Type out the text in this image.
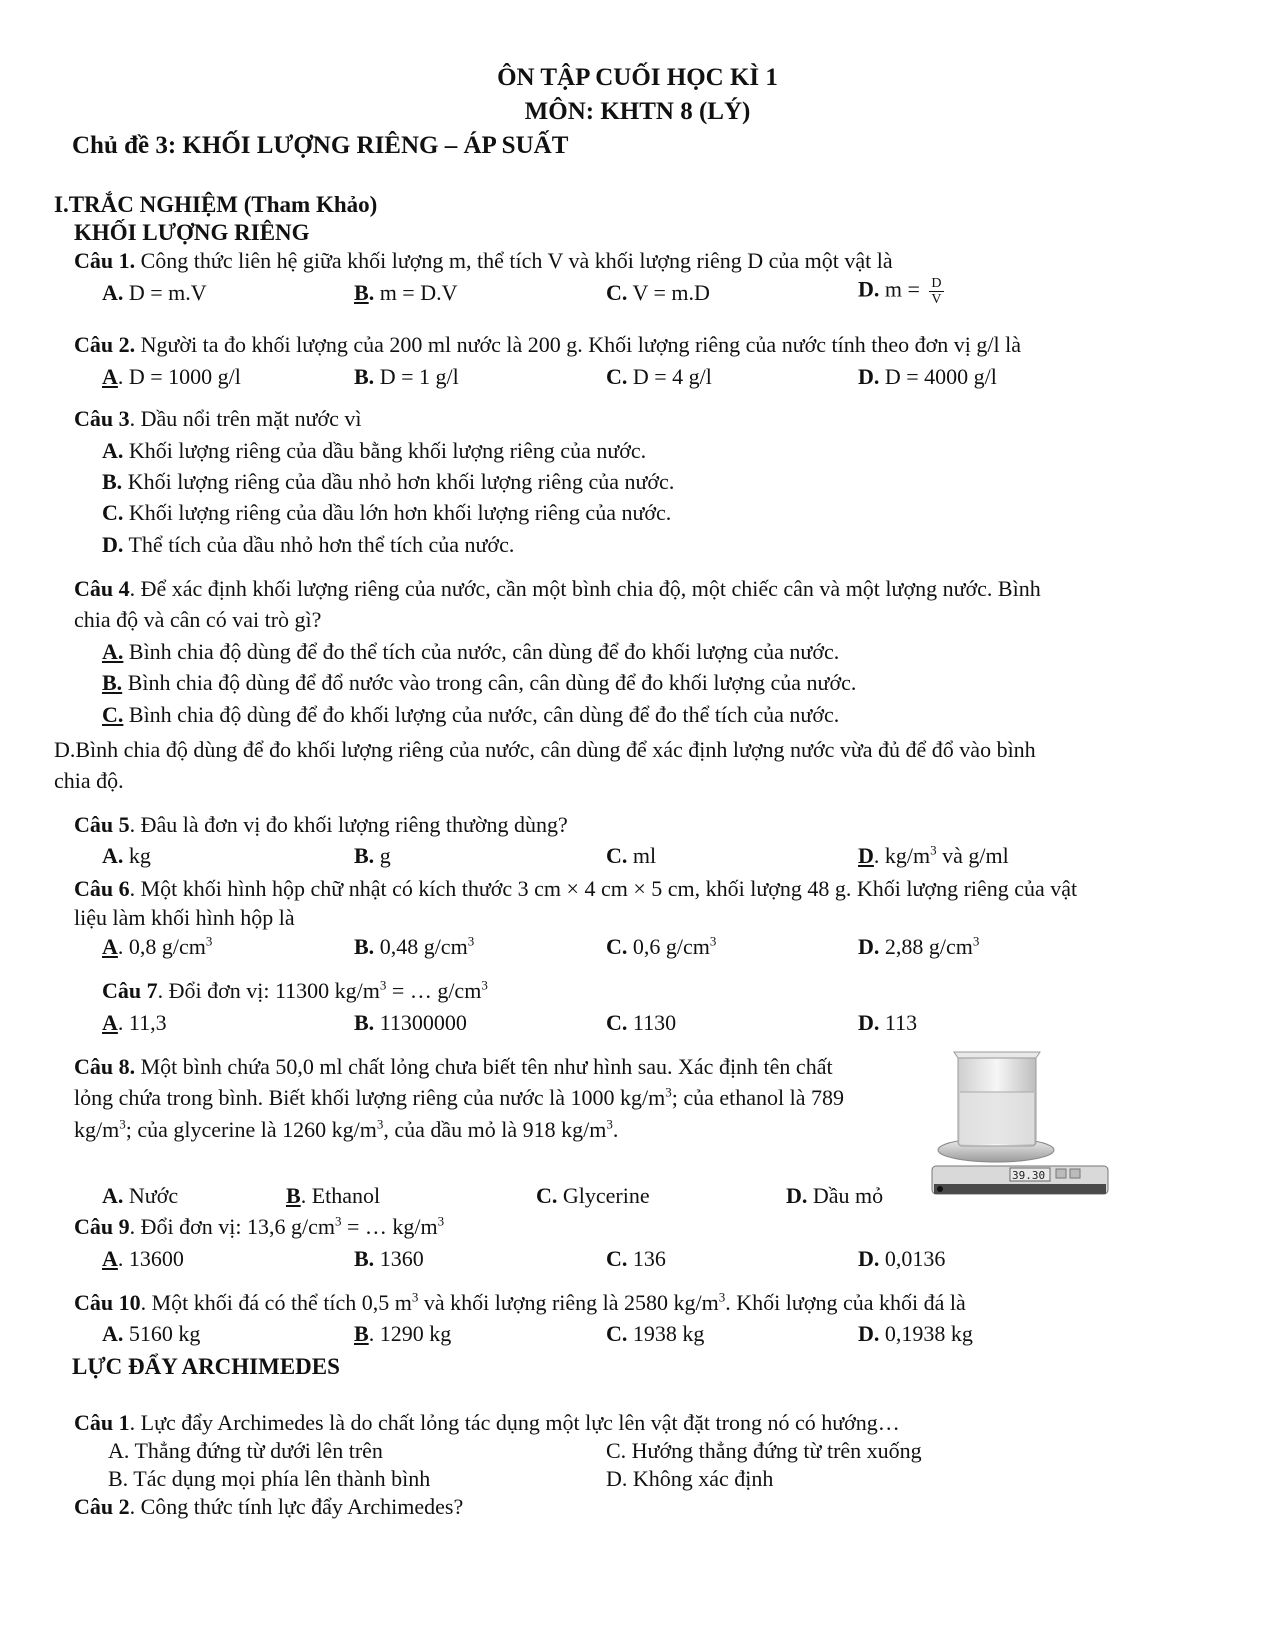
ÔN TẬP CUỐI HỌC KÌ 1
MÔN: KHTN 8 (LÝ)
Chủ đề 3: KHỐI LƯỢNG RIÊNG – ÁP SUẤT
I.TRẮC NGHIỆM (Tham Khảo)
KHỐI LƯỢNG RIÊNG
Câu 1. Công thức liên hệ giữa khối lượng m, thể tích V và khối lượng riêng D của một vật là
A. D = m.V	B. m = D.V	C. V = m.D	D. $m = \frac{D}{V}$
Câu 2. Người ta đo khối lượng của 200 ml nước là 200 g. Khối lượng riêng của nước tính theo đơn vị g/l là
A. D = 1000 g/l	B. D = 1 g/l	C. D = 4 g/l	D. D = 4000 g/l
Câu 3. Dầu nổi trên mặt nước vì
A. Khối lượng riêng của dầu bằng khối lượng riêng của nước.
B. Khối lượng riêng của dầu nhỏ hơn khối lượng riêng của nước.
C. Khối lượng riêng của dầu lớn hơn khối lượng riêng của nước.
D. Thể tích của dầu nhỏ hơn thể tích của nước.
Câu 4. Để xác định khối lượng riêng của nước, cần một bình chia độ, một chiếc cân và một lượng nước. Bình
chia độ và cân có vai trò gì?
A. Bình chia độ dùng để đo thể tích của nước, cân dùng để đo khối lượng của nước.
B. Bình chia độ dùng để đổ nước vào trong cân, cân dùng để đo khối lượng của nước.
C. Bình chia độ dùng để đo khối lượng của nước, cân dùng để đo thể tích của nước.
D.Bình chia độ dùng để đo khối lượng riêng của nước, cân dùng để xác định lượng nước vừa đủ để đổ vào bình
chia độ.
Câu 5. Đâu là đơn vị đo khối lượng riêng thường dùng?
A. kg	B. g	C. ml	D. $kg/m^3$ và g/ml
Câu 6. Một khối hình hộp chữ nhật có kích thước 3 cm × 4 cm × 5 cm, khối lượng 48 g. Khối lượng riêng của vật
liệu làm khối hình hộp là
A. 0,8 $g/cm^3$	B. 0,48 $g/cm^3$	C. 0,6 $g/cm^3$	D. 2,88 $g/cm^3$
Câu 7. Đổi đơn vị: 11300 $kg/m^3$ = … $g/cm^3$
A. 11,3	B. 11300000	C. 1130	D. 113
Câu 8. Một bình chứa 50,0 ml chất lỏng chưa biết tên như hình sau. Xác định tên chất
lỏng chứa trong bình. Biết khối lượng riêng của nước là 1000 $kg/m^3$; của ethanol là 789
$kg/m^3$; của glycerine là 1260 $kg/m^3$, của dầu mỏ là 918 $kg/m^3$.
39.30
A. Nước	B. Ethanol	C. Glycerine	D. Dầu mỏ
Câu 9. Đổi đơn vị: 13,6 $g/cm^3$ = … $kg/m^3$
A. 13600	B. 1360	C. 136	D. 0,0136
Câu 10. Một khối đá có thể tích 0,5 $m^3$ và khối lượng riêng là 2580 $kg/m^3$. Khối lượng của khối đá là
A. 5160 kg	B. 1290 kg	C. 1938 kg	D. 0,1938 kg
LỰC ĐẨY ARCHIMEDES
Câu 1. Lực đẩy Archimedes là do chất lỏng tác dụng một lực lên vật đặt trong nó có hướng…
A. Thẳng đứng từ dưới lên trên	C. Hướng thẳng đứng từ trên xuống
B. Tác dụng mọi phía lên thành bình	D. Không xác định
Câu 2. Công thức tính lực đẩy Archimedes?
